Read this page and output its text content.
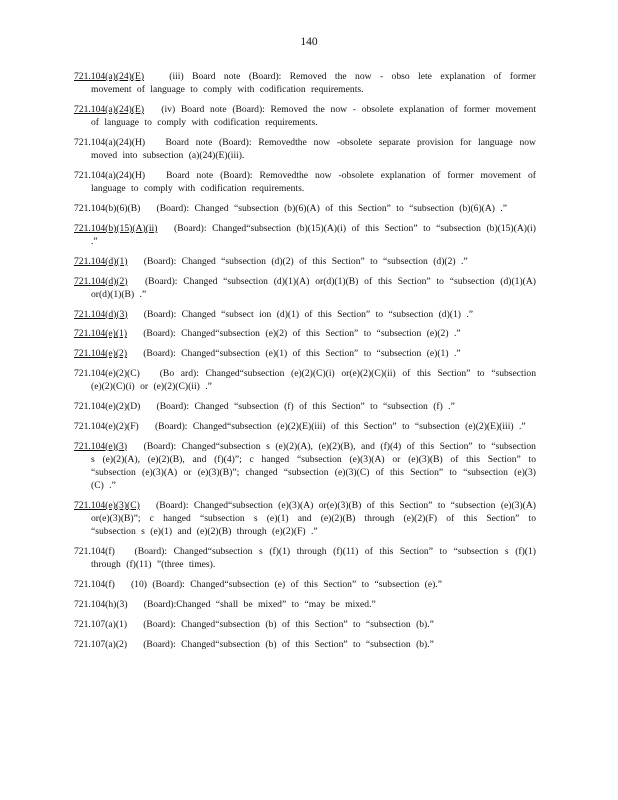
140

721.104(a)(24)(E)	(iii) Board note (Board): Removed the now - obso lete explanation of former movement of language to comply with codification requirements.

721.104(a)(24)(E) (iv) Board note (Board): Removed the now - obsolete explanation of former movement of language to comply with codification requirements.

721.104(a)(24)(H) Board note (Board): Removedthe now -obsolete separate provision for language now moved into subsection (a)(24)(E)(iii).

721.104(a)(24)(H) Board note (Board): Removedthe now -obsolete explanation of former movement of language to comply with codification requirements.

721.104(b)(6)(B) (Board): Changed “subsection (b)(6)(A) of this Section” to “subsection (b)(6)(A) .”

721.104(b)(15)(A)(ii) (Board): Changed“subsection (b)(15)(A)(i) of this Section” to “subsection (b)(15)(A)(i) .”

721.104(d)(1) (Board): Changed “subsection (d)(2) of this Section” to “subsection (d)(2) .”

721.104(d)(2) (Board): Changed “subsection (d)(1)(A) or(d)(1)(B) of this Section” to “subsection (d)(1)(A) or(d)(1)(B) .”

721.104(d)(3) (Board): Changed “subsect ion (d)(1) of this Section” to “subsection (d)(1) .”

721.104(e)(1) (Board): Changed“subsection (e)(2) of this Section” to “subsection (e)(2) .”

721.104(e)(2) (Board): Changed“subsection (e)(1) of this Section” to “subsection (e)(1) .”

721.104(e)(2)(C) (Bo ard): Changed“subsection (e)(2)(C)(i) or(e)(2)(C)(ii) of this Section” to “subsection (e)(2)(C)(i) or (e)(2)(C)(ii) .”

721.104(e)(2)(D) (Board): Changed “subsection (f) of this Section” to “subsection (f) .”

721.104(e)(2)(F) (Board): Changed“subsection (e)(2)(E)(iii) of this Section” to “subsection (e)(2)(E)(iii) .”

721.104(e)(3) (Board): Changed“subsection s (e)(2)(A), (e)(2)(B), and (f)(4) of this Section” to “subsection s (e)(2)(A), (e)(2)(B), and (f)(4)”; c hanged “subsection (e)(3)(A) or (e)(3)(B) of this Section” to “subsection (e)(3)(A) or (e)(3)(B)”; changed “subsection (e)(3)(C) of this Section” to “subsection (e)(3)(C) .”

721.104(e)(3)(C) (Board): Changed“subsection (e)(3)(A) or(e)(3)(B) of this Section” to “subsection (e)(3)(A) or(e)(3)(B)”; c hanged “subsection s (e)(1) and (e)(2)(B) through (e)(2)(F) of this Section” to “subsection s (e)(1) and (e)(2)(B) through (e)(2)(F) .”

721.104(f) (Board): Changed“subsection s (f)(1) through (f)(11) of this Section” to “subsection s (f)(1) through (f)(11) ”(three times).

721.104(f) (10) (Board): Changed“subsection (e) of this Section” to “subsection (e).”

721.104(h)(3) (Board):Changed “shall be mixed” to “may be mixed.”

721.107(a)(1) (Board): Changed“subsection (b) of this Section” to “subsection (b).”

721.107(a)(2) (Board): Changed“subsection (b) of this Section” to “subsection (b).”
